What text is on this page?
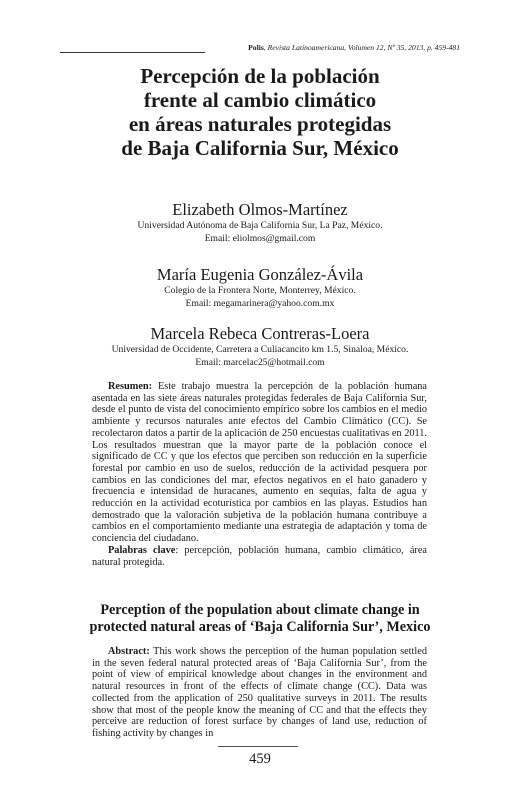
Polis, Revista Latinoamericana, Volumen 12, Nº 35, 2013, p. 459-481
Percepción de la población
frente al cambio climático
en áreas naturales protegidas
de Baja California Sur, México
Elizabeth Olmos-Martínez
Universidad Autónoma de Baja California Sur, La Paz, México.
Email: eliolmos@gmail.com
María Eugenia González-Ávila
Colegio de la Frontera Norte, Monterrey, México.
Email: megamarinera@yahoo.com.mx
Marcela Rebeca Contreras-Loera
Universidad de Occidente, Carretera a Culiacancito km 1.5, Sinaloa, México.
Email: marcelac25@hotmail.com

Resumen: Este trabajo muestra la percepción de la población humana asentada en las siete áreas naturales protegidas federales de Baja California Sur, desde el punto de vista del conocimiento empírico sobre los cambios en el medio ambiente y recursos naturales ante efectos del Cambio Climático (CC). Se recolectaron datos a partir de la aplicación de 250 encuestas cualitativas en 2011. Los resultados muestran que la mayor parte de la población conoce el significado de CC y que los efectos que perciben son reducción en la superficie forestal por cambio en uso de suelos, reducción de la actividad pesquera por cambios en las condiciones del mar, efectos negativos en el hato ganadero y frecuencia e intensidad de huracanes, aumento en sequías, falta de agua y reducción en la actividad ecoturística por cambios en las playas. Estudios han demostrado que la valoración subjetiva de la población humana contribuye a cambios en el comportamiento mediante una estrategia de adaptación y toma de conciencia del ciudadano.

Palabras clave: percepción, población humana, cambio climático, área natural protegida.

Perception of the population about climate change in
protected natural areas of ‘Baja California Sur’, Mexico

Abstract: This work shows the perception of the human population settled in the seven federal natural protected areas of ‘Baja California Sur’, from the point of view of empirical knowledge about changes in the environment and natural resources in front of the effects of climate change (CC). Data was collected from the application of 250 qualitative surveys in 2011. The results show that most of the people know the meaning of CC and that the effects they perceive are reduction of forest surface by changes of land use, reduction of fishing activity by changes in

459
